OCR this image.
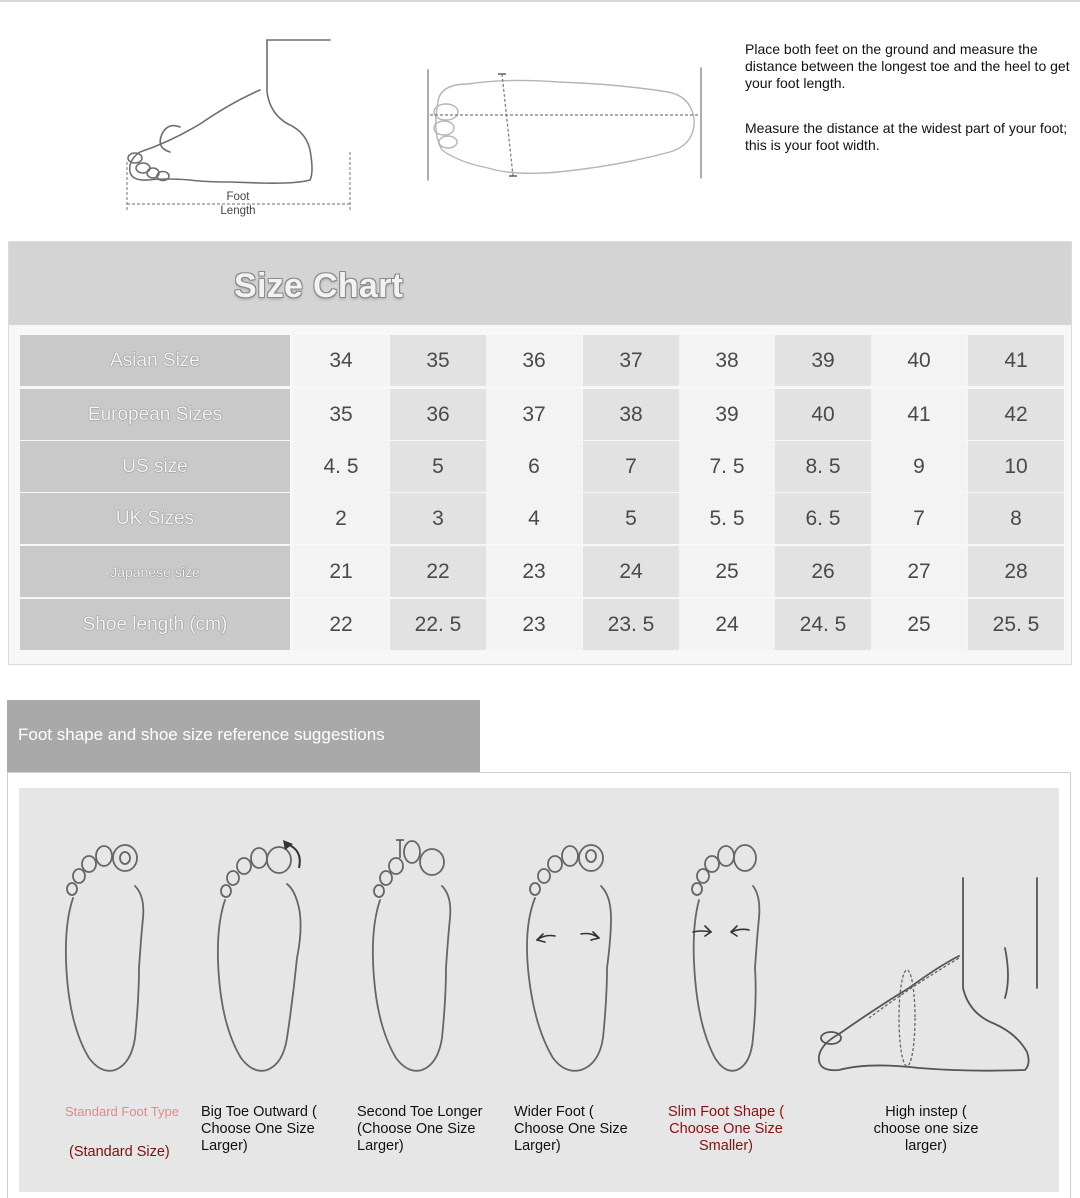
Foot
Length

Place both feet on the ground and measure the distance between the longest toe and the heel to get your foot length.

Measure the distance at the widest part of your foot; this is your foot width.

Size Chart
Asian Size	34	35	36	37	38	39	40	41
European Sizes	35	36	37	38	39	40	41	42
US size	4. 5	5	6	7	7. 5	8. 5	9	10
UK Sizes	2	3	4	5	5. 5	6. 5	7	8
Japanese size	21	22	23	24	25	26	27	28
Shoe length (cm)	22	22. 5	23	23. 5	24	24. 5	25	25. 5
Foot shape and shoe size reference suggestions
Standard Foot Type
(Standard Size)
Big Toe Outward ( Choose One Size Larger)
Second Toe Longer (Choose One Size Larger)
Wider Foot ( Choose One Size Larger)
Slim Foot Shape ( Choose One Size Smaller)
High instep ( choose one size larger)
